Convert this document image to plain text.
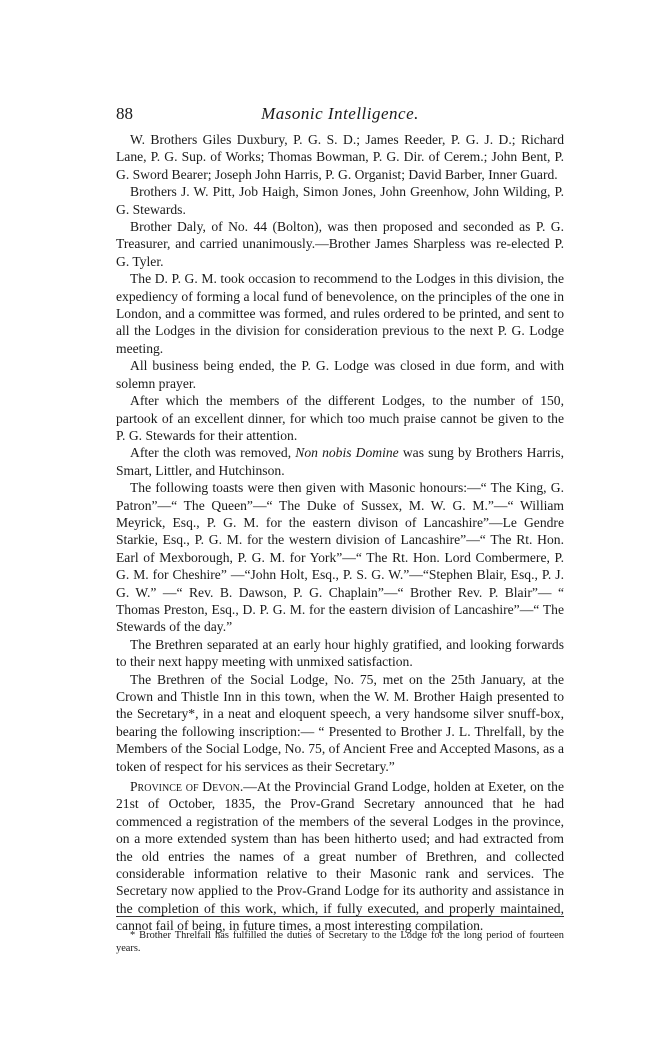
88	Masonic Intelligence.

W. Brothers Giles Duxbury, P. G. S. D.; James Reeder, P. G. J. D.; Richard Lane, P. G. Sup. of Works; Thomas Bowman, P. G. Dir. of Cerem.; John Bent, P. G. Sword Bearer; Joseph John Harris, P. G. Organist; David Barber, Inner Guard.

Brothers J. W. Pitt, Job Haigh, Simon Jones, John Greenhow, John Wilding, P. G. Stewards.

Brother Daly, of No. 44 (Bolton), was then proposed and seconded as P. G. Treasurer, and carried unanimously.—Brother James Sharpless was re-elected P. G. Tyler.

The D. P. G. M. took occasion to recommend to the Lodges in this division, the expediency of forming a local fund of benevolence, on the principles of the one in London, and a committee was formed, and rules ordered to be printed, and sent to all the Lodges in the division for consideration previous to the next P. G. Lodge meeting.

All business being ended, the P. G. Lodge was closed in due form, and with solemn prayer.

After which the members of the different Lodges, to the number of 150, partook of an excellent dinner, for which too much praise cannot be given to the P. G. Stewards for their attention.

After the cloth was removed, Non nobis Domine was sung by Brothers Harris, Smart, Littler, and Hutchinson.

The following toasts were then given with Masonic honours:—“ The King, G. Patron”—“ The Queen”—“ The Duke of Sussex, M. W. G. M.”—“ William Meyrick, Esq., P. G. M. for the eastern divison of Lancashire”—Le Gendre Starkie, Esq., P. G. M. for the western division of Lancashire”—“ The Rt. Hon. Earl of Mexborough, P. G. M. for York”—“ The Rt. Hon. Lord Combermere, P. G. M. for Cheshire” —“John Holt, Esq., P. S. G. W.”—“Stephen Blair, Esq., P. J. G. W.” —“ Rev. B. Dawson, P. G. Chaplain”—“ Brother Rev. P. Blair”— “ Thomas Preston, Esq., D. P. G. M. for the eastern division of Lancashire”—“ The Stewards of the day.”

The Brethren separated at an early hour highly gratified, and looking forwards to their next happy meeting with unmixed satisfaction.

The Brethren of the Social Lodge, No. 75, met on the 25th January, at the Crown and Thistle Inn in this town, when the W. M. Brother Haigh presented to the Secretary*, in a neat and eloquent speech, a very handsome silver snuff-box, bearing the following inscription:— “ Presented to Brother J. L. Threlfall, by the Members of the Social Lodge, No. 75, of Ancient Free and Accepted Masons, as a token of respect for his services as their Secretary.”

Province of Devon.—At the Provincial Grand Lodge, holden at Exeter, on the 21st of October, 1835, the Prov-Grand Secretary announced that he had commenced a registration of the members of the several Lodges in the province, on a more extended system than has been hitherto used; and had extracted from the old entries the names of a great number of Brethren, and collected considerable information relative to their Masonic rank and services. The Secretary now applied to the Prov-Grand Lodge for its authority and assistance in the completion of this work, which, if fully executed, and properly maintained, cannot fail of being, in future times, a most interesting compilation.

* Brother Threlfall has fulfilled the duties of Secretary to the Lodge for the long period of fourteen years.
